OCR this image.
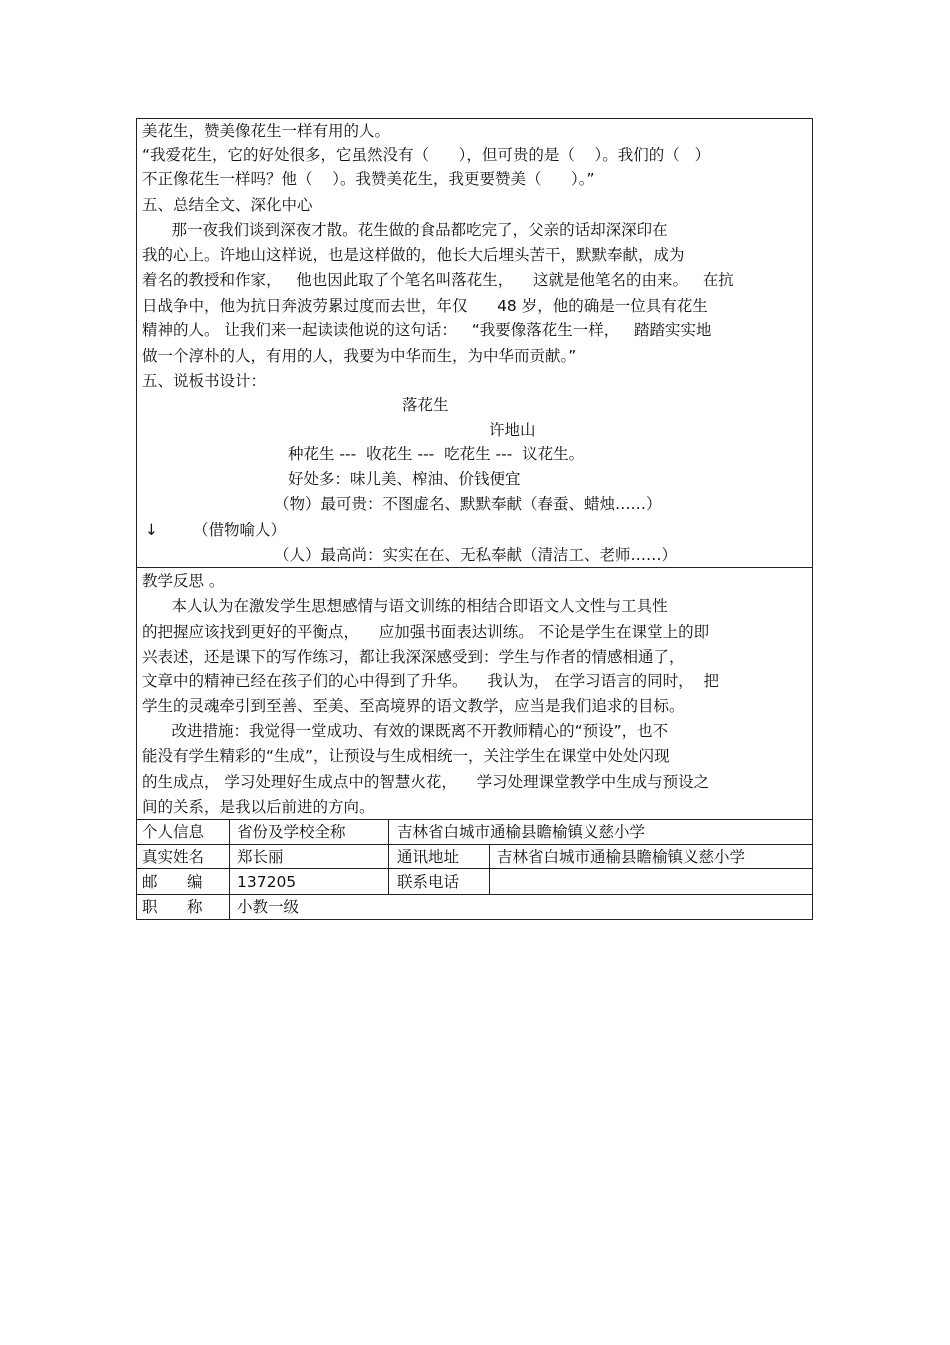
美花生，赞美像花生一样有用的人。
“我爱花生，它的好处很多，它虽然没有（      ），但可贵的是（    ）。我们的（   ）
不正像花生一样吗？他（    ）。我赞美花生，我更要赞美（      ）。”
五、总结全文、深化中心
那一夜我们谈到深夜才散。花生做的食品都吃完了，父亲的话却深深印在
我的心上。许地山这样说，也是这样做的，他长大后埋头苦干，默默奉献，成为
着名的教授和作家，   他也因此取了个笔名叫落花生，    这就是他笔名的由来。   在抗
日战争中，他为抗日奔波劳累过度而去世，年仅      48 岁，他的确是一位具有花生
精神的人。 让我们来一起读读他说的这句话：   “我要像落花生一样，   踏踏实实地
做一个淳朴的人，有用的人，我要为中华而生，为中华而贡献。”
五、说板书设计：
落花生
许地山
种花生 ---  收花生 ---  吃花生 ---  议花生。
好处多：味儿美、榨油、价钱便宜
（物）最可贵：不图虚名、默默奉献（春蚕、蜡烛……）
↓ （借物喻人）
（人）最高尚：实实在在、无私奉献（清洁工、老师……）
教学反思 。
本人认为在激发学生思想感情与语文训练的相结合即语文人文性与工具性
的把握应该找到更好的平衡点，    应加强书面表达训练。 不论是学生在课堂上的即
兴表述，还是课下的写作练习，都让我深深感受到：学生与作者的情感相通了，
文章中的精神已经在孩子们的心中得到了升华。    我认为， 在学习语言的同时，  把
学生的灵魂牵引到至善、至美、至高境界的语文教学，应当是我们追求的目标。
改进措施：我觉得一堂成功、有效的课既离不开教师精心的“预设”，也不
能没有学生精彩的“生成”，让预设与生成相统一，关注学生在课堂中处处闪现
的生成点， 学习处理好生成点中的智慧火花，    学习处理课堂教学中生成与预设之
间的关系，是我以后前进的方向。
个人信息 省份及学校全称	吉林省白城市通榆县瞻榆镇义慈小学
真实姓名 郑长丽	通讯地址 吉林省白城市通榆县瞻榆镇义慈小学
邮      编 137205	联系电话
职      称 小教一级
